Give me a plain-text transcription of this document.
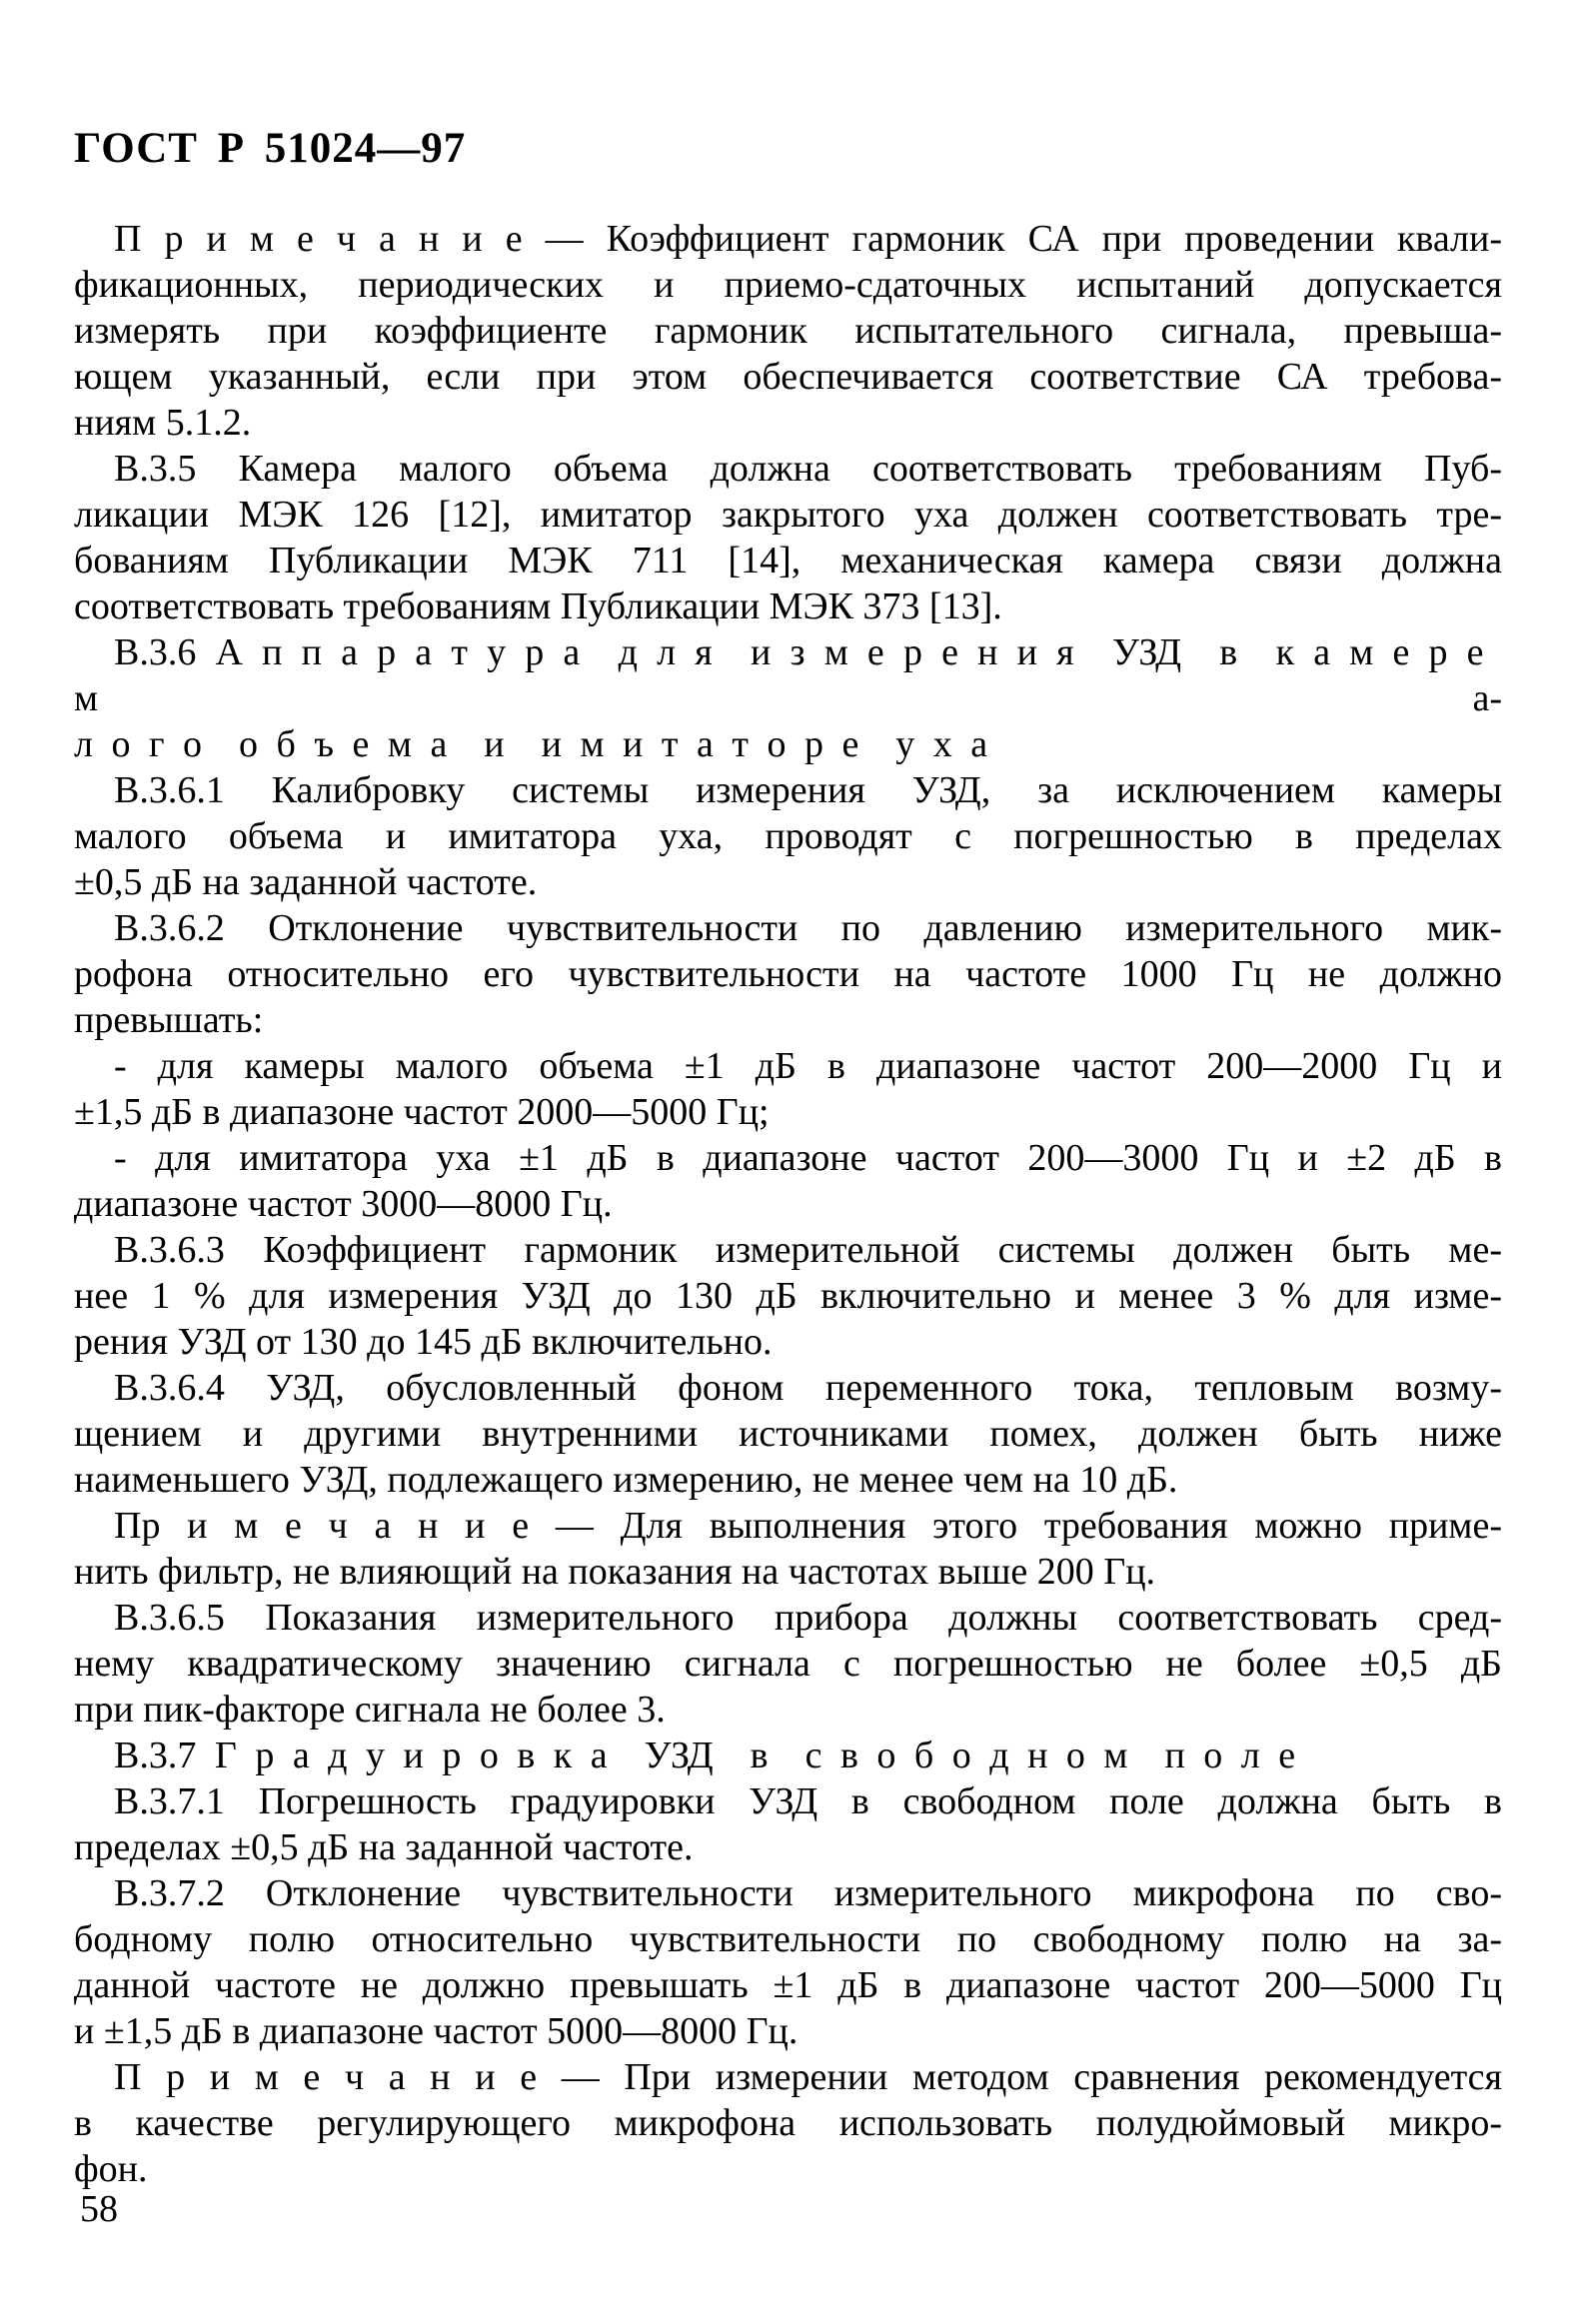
ГОСТ Р 51024—97
П р и м е ч а н и е — Коэффициент гармоник СА при проведении квали-
фикационных, периодических и приемо-сдаточных испытаний допускается
измерять при коэффициенте гармоник испытательного сигнала, превыша-
ющем указанный, если при этом обеспечивается соответствие СА требова-
ниям 5.1.2.
В.3.5 Камера малого объема должна соответствовать требованиям Пуб-
ликации МЭК 126 [12], имитатор закрытого уха должен соответствовать тре-
бованиям Публикации МЭК 711 [14], механическая камера связи должна
соответствовать требованиям Публикации МЭК 373 [13].
В.3.6 А п п а р а т у р а  д л я  и з м е р е н и я  УЗД  в  к а м е р е  м а-
л о г о  о б ъ е м а  и  и м и т а т о р е  у х а
В.3.6.1 Калибровку системы измерения УЗД, за исключением камеры
малого объема и имитатора уха, проводят с погрешностью в пределах
±0,5 дБ на заданной частоте.
В.3.6.2 Отклонение чувствительности по давлению измерительного мик-
рофона относительно его чувствительности на частоте 1000 Гц не должно
превышать:
- для камеры малого объема ±1 дБ в диапазоне частот 200—2000 Гц и
±1,5 дБ в диапазоне частот 2000—5000 Гц;
- для имитатора уха ±1 дБ в диапазоне частот 200—3000 Гц и ±2 дБ в
диапазоне частот 3000—8000 Гц.
В.3.6.3 Коэффициент гармоник измерительной системы должен быть ме-
нее 1 % для измерения УЗД до 130 дБ включительно и менее 3 % для изме-
рения УЗД от 130 до 145 дБ включительно.
В.3.6.4 УЗД, обусловленный фоном переменного тока, тепловым возму-
щением и другими внутренними источниками помех, должен быть ниже
наименьшего УЗД, подлежащего измерению, не менее чем на 10 дБ.
Пр и м е ч а н и е — Для выполнения этого требования можно приме-
нить фильтр, не влияющий на показания на частотах выше 200 Гц.
В.3.6.5 Показания измерительного прибора должны соответствовать сред-
нему квадратическому значению сигнала с погрешностью не более ±0,5 дБ
при пик-факторе сигнала не более 3.
В.3.7 Г р а д у и р о в к а  УЗД  в  с в о б о д н о м  п о л е
В.3.7.1 Погрешность градуировки УЗД в свободном поле должна быть в
пределах ±0,5 дБ на заданной частоте.
В.3.7.2 Отклонение чувствительности измерительного микрофона по сво-
бодному полю относительно чувствительности по свободному полю на за-
данной частоте не должно превышать ±1 дБ в диапазоне частот 200—5000 Гц
и ±1,5 дБ в диапазоне частот 5000—8000 Гц.
П р и м е ч а н и е — При измерении методом сравнения рекомендуется
в качестве регулирующего микрофона использовать полудюймовый микро-
фон.
58
